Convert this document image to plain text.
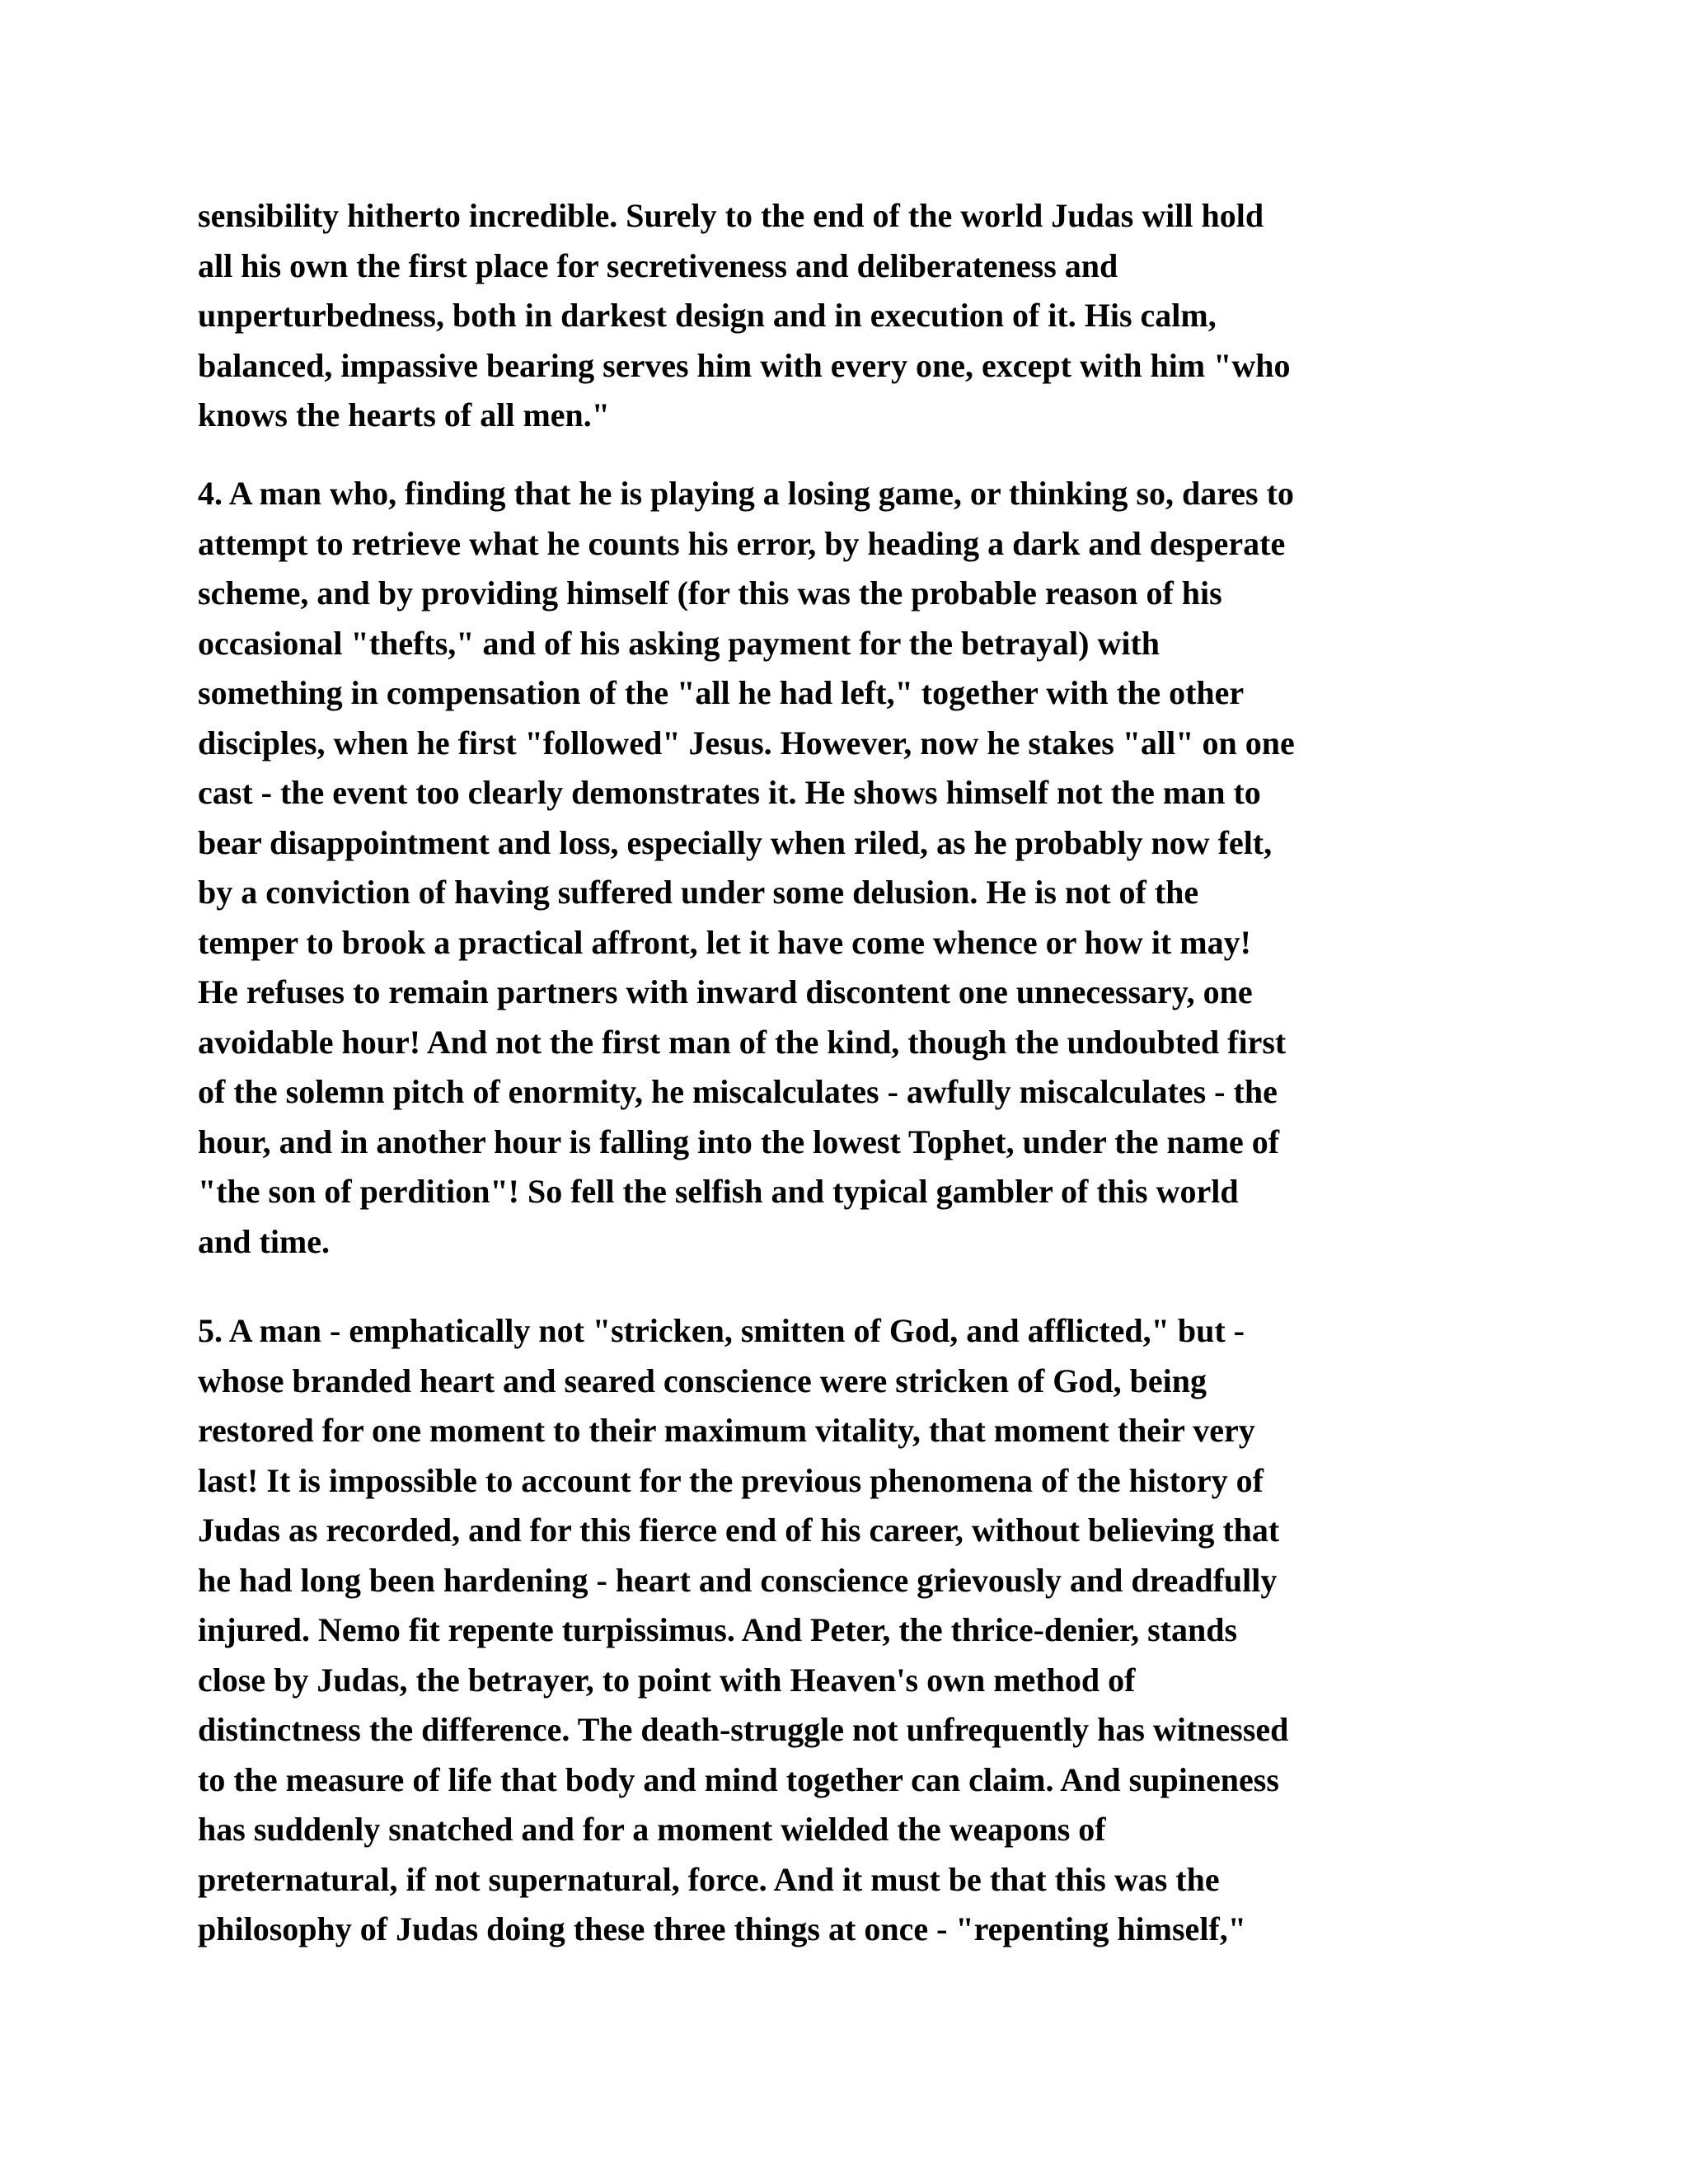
sensibility hitherto incredible. Surely to the end of the world Judas will hold
all his own the first place for secretiveness and deliberateness and
unperturbedness, both in darkest design and in execution of it. His calm,
balanced, impassive bearing serves him with every one, except with him "who
knows the hearts of all men."
4. A man who, finding that he is playing a losing game, or thinking so, dares to
attempt to retrieve what he counts his error, by heading a dark and desperate
scheme, and by providing himself (for this was the probable reason of his
occasional "thefts," and of his asking payment for the betrayal) with
something in compensation of the "all he had left," together with the other
disciples, when he first "followed" Jesus. However, now he stakes "all" on one
cast - the event too clearly demonstrates it. He shows himself not the man to
bear disappointment and loss, especially when riled, as he probably now felt,
by a conviction of having suffered under some delusion. He is not of the
temper to brook a practical affront, let it have come whence or how it may!
He refuses to remain partners with inward discontent one unnecessary, one
avoidable hour! And not the first man of the kind, though the undoubted first
of the solemn pitch of enormity, he miscalculates - awfully miscalculates - the
hour, and in another hour is falling into the lowest Tophet, under the name of
"the son of perdition"! So fell the selfish and typical gambler of this world
and time.
5. A man - emphatically not "stricken, smitten of God, and afflicted," but -
whose branded heart and seared conscience were stricken of God, being
restored for one moment to their maximum vitality, that moment their very
last! It is impossible to account for the previous phenomena of the history of
Judas as recorded, and for this fierce end of his career, without believing that
he had long been hardening - heart and conscience grievously and dreadfully
injured. Nemo fit repente turpissimus. And Peter, the thrice-denier, stands
close by Judas, the betrayer, to point with Heaven's own method of
distinctness the difference. The death-struggle not unfrequently has witnessed
to the measure of life that body and mind together can claim. And supineness
has suddenly snatched and for a moment wielded the weapons of
preternatural, if not supernatural, force. And it must be that this was the
philosophy of Judas doing these three things at once - "repenting himself,"
